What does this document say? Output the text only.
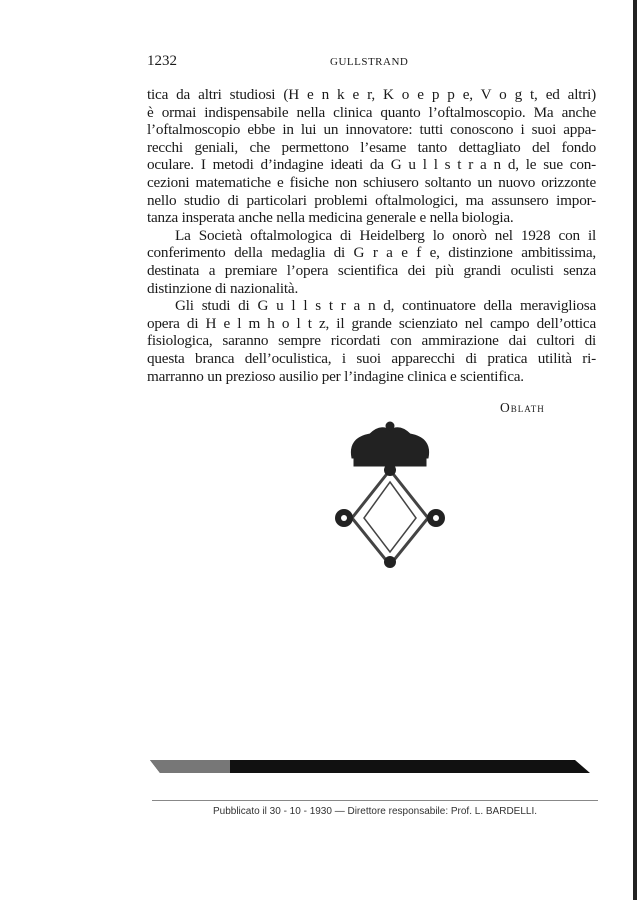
1232	GULLSTRAND
tica da altri studiosi (H e n k e r, K o e p p e, V o g t, ed altri)
è ormai indispensabile nella clinica quanto l’oftalmoscopio. Ma anche
l’oftalmoscopio ebbe in lui un innovatore: tutti conoscono i suoi appa-
recchi geniali, che permettono l’esame tanto dettagliato del fondo
oculare. I metodi d’indagine ideati da G u l l s t r a n d, le sue con-
cezioni matematiche e fisiche non schiusero soltanto un nuovo orizzonte
nello studio di particolari problemi oftalmologici, ma assunsero impor-
tanza insperata anche nella medicina generale e nella biologia.
La Società oftalmologica di Heidelberg lo onorò nel 1928 con il
conferimento della medaglia di G r a e f e, distinzione ambitissima,
destinata a premiare l’opera scientifica dei più grandi oculisti senza
distinzione di nazionalità.
Gli studi di G u l l s t r a n d, continuatore della meravigliosa
opera di H e l m h o l t z, il grande scienziato nel campo dell’ottica
fisiologica, saranno sempre ricordati con ammirazione dai cultori di
questa branca dell’oculistica, i suoi apparecchi di pratica utilità ri-
marranno un prezioso ausilio per l’indagine clinica e scientifica.
Oblath
Pubblicato il 30 - 10 - 1930 — Direttore responsabile: Prof. L. BARDELLI.
